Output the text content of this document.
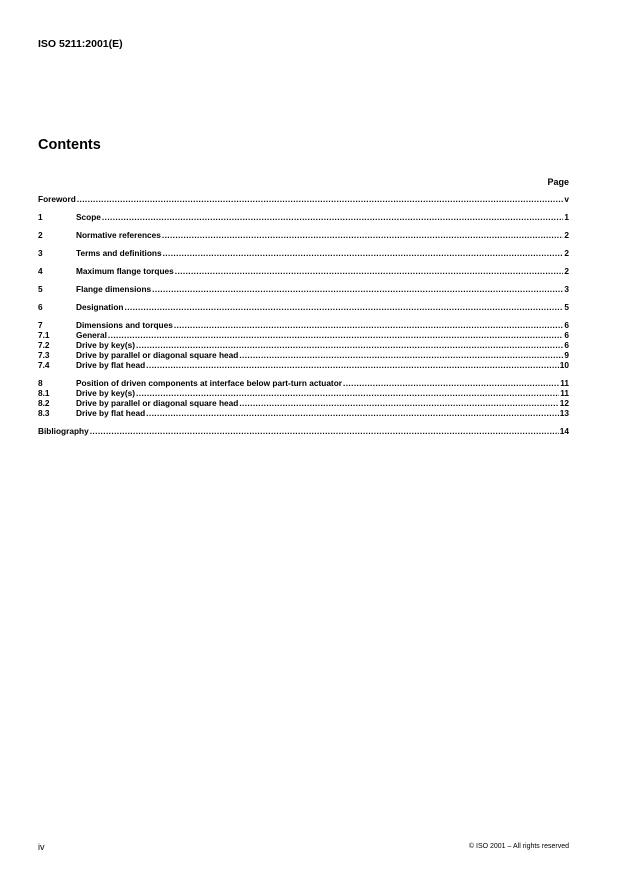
ISO 5211:2001(E)
Contents
Page
Foreword .....	v
1	Scope .....	1
2	Normative references .....	2
3	Terms and definitions .....	2
4	Maximum flange torques .....	2
5	Flange dimensions .....	3
6	Designation .....	5
7	Dimensions and torques .....	6
7.1	General .....	6
7.2	Drive by key(s) .....	6
7.3	Drive by parallel or diagonal square head .....	9
7.4	Drive by flat head .....	10
8	Position of driven components at interface below part-turn actuator .....	11
8.1	Drive by key(s) .....	11
8.2	Drive by parallel or diagonal square head .....	12
8.3	Drive by flat head .....	13
Bibliography .....	14
iv	© ISO 2001 – All rights reserved
